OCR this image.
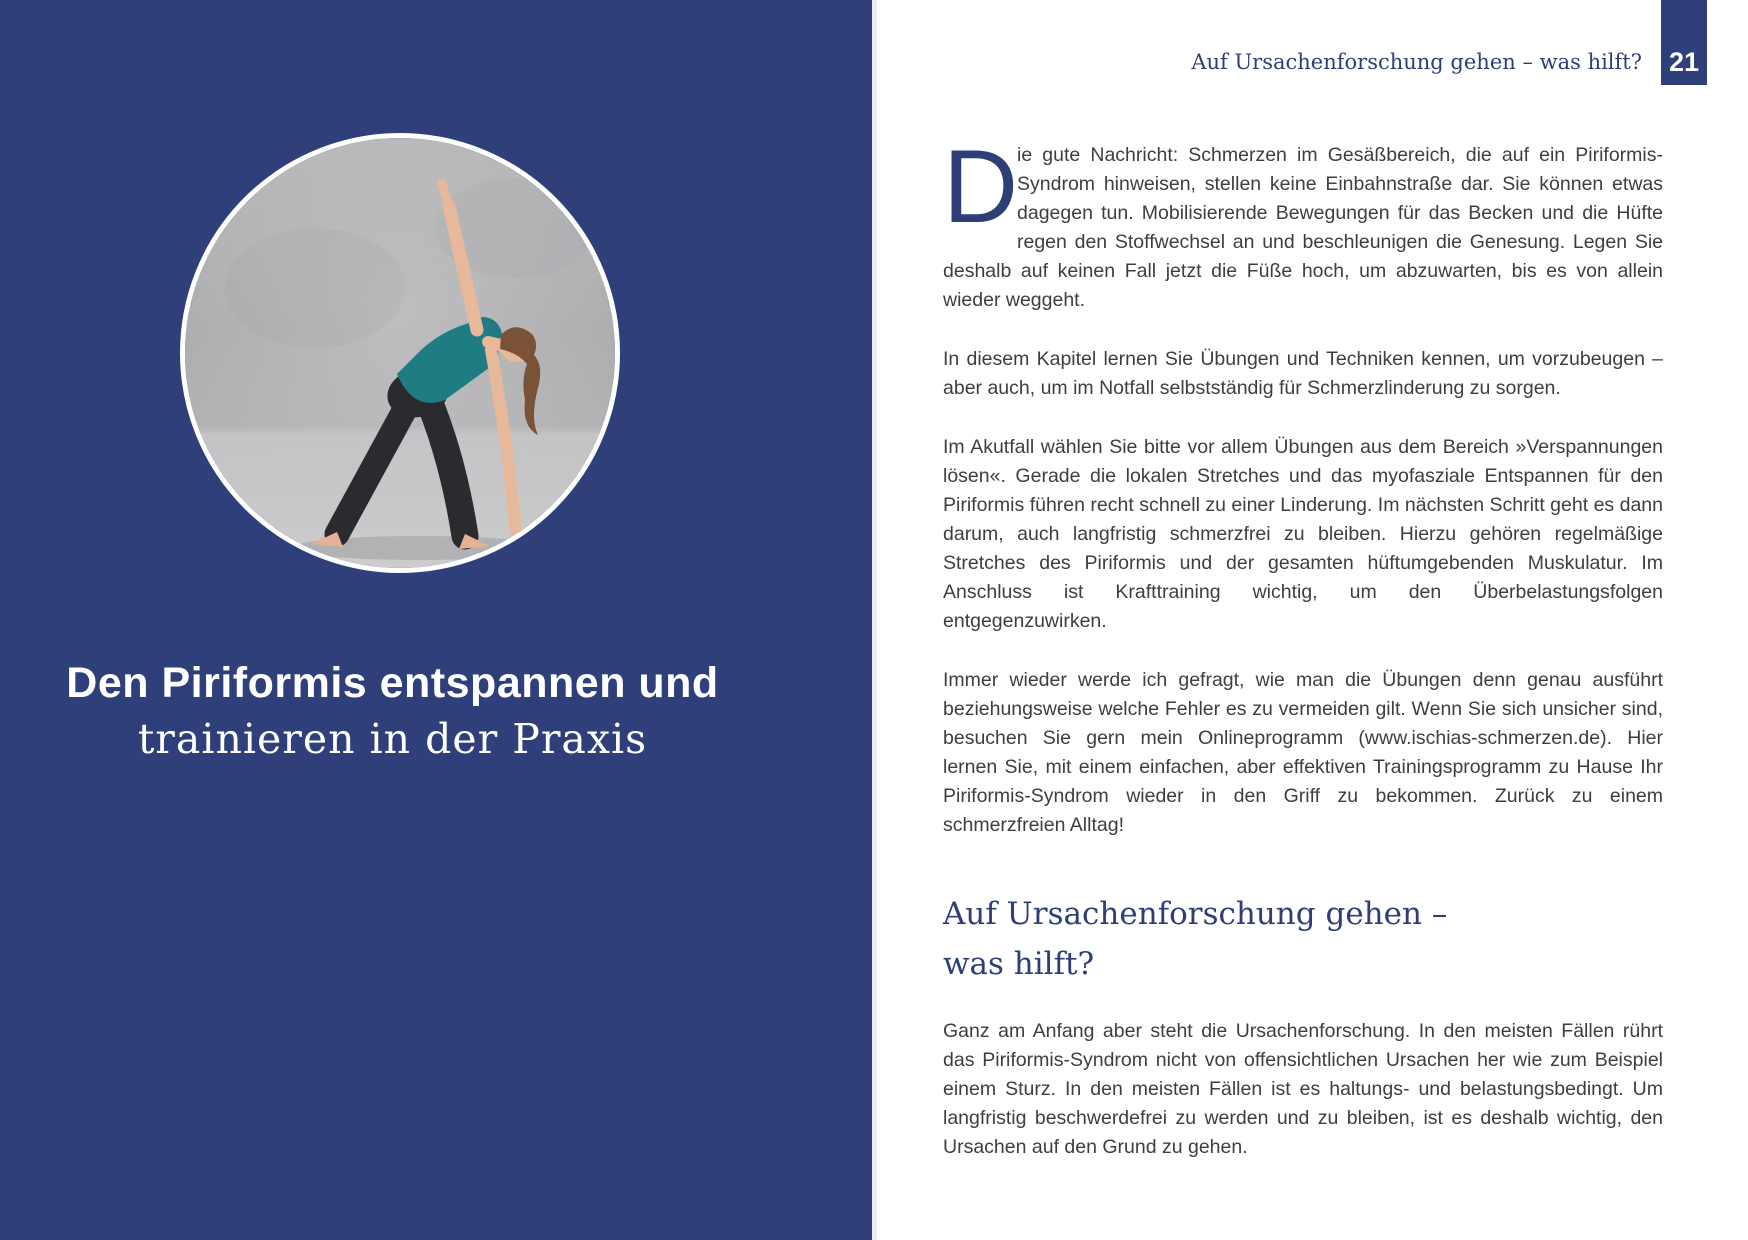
Den Piriformis entspannen und
trainieren in der Praxis
Auf Ursachenforschung gehen – was hilft? 21

D
ie gute Nachricht: Schmerzen im Gesäßbereich, die auf ein Piriformis-Syndrom hinweisen, stellen keine Einbahnstraße dar. Sie können etwas dagegen tun. Mobilisierende Bewegungen für das Becken und die Hüfte regen den Stoffwechsel an und beschleunigen die Genesung. Legen Sie deshalb auf keinen Fall jetzt die Füße hoch, um abzuwarten, bis es von allein wieder weggeht.

In diesem Kapitel lernen Sie Übungen und Techniken kennen, um vorzubeugen – aber auch, um im Notfall selbstständig für Schmerzlinderung zu sorgen.

Im Akutfall wählen Sie bitte vor allem Übungen aus dem Bereich »Verspannungen lösen«. Gerade die lokalen Stretches und das myofasziale Entspannen für den Piriformis führen recht schnell zu einer Linderung. Im nächsten Schritt geht es dann darum, auch langfristig schmerzfrei zu bleiben. Hierzu gehören regelmäßige Stretches des Piriformis und der gesamten hüftumgebenden Muskulatur. Im Anschluss ist Krafttraining wichtig, um den Überbelastungsfolgen entgegenzuwirken.

Immer wieder werde ich gefragt, wie man die Übungen denn genau ausführt beziehungsweise welche Fehler es zu vermeiden gilt. Wenn Sie sich unsicher sind, besuchen Sie gern mein Onlineprogramm (www.ischias-schmerzen.de). Hier lernen Sie, mit einem einfachen, aber effektiven Trainingsprogramm zu Hause Ihr Piriformis-Syndrom wieder in den Griff zu bekommen. Zurück zu einem schmerzfreien Alltag!

Auf Ursachenforschung gehen –
was hilft?

Ganz am Anfang aber steht die Ursachenforschung. In den meisten Fällen rührt das Piriformis-Syndrom nicht von offensichtlichen Ursachen her wie zum Beispiel einem Sturz. In den meisten Fällen ist es haltungs- und belastungsbedingt. Um langfristig beschwerdefrei zu werden und zu bleiben, ist es deshalb wichtig, den Ursachen auf den Grund zu gehen.
